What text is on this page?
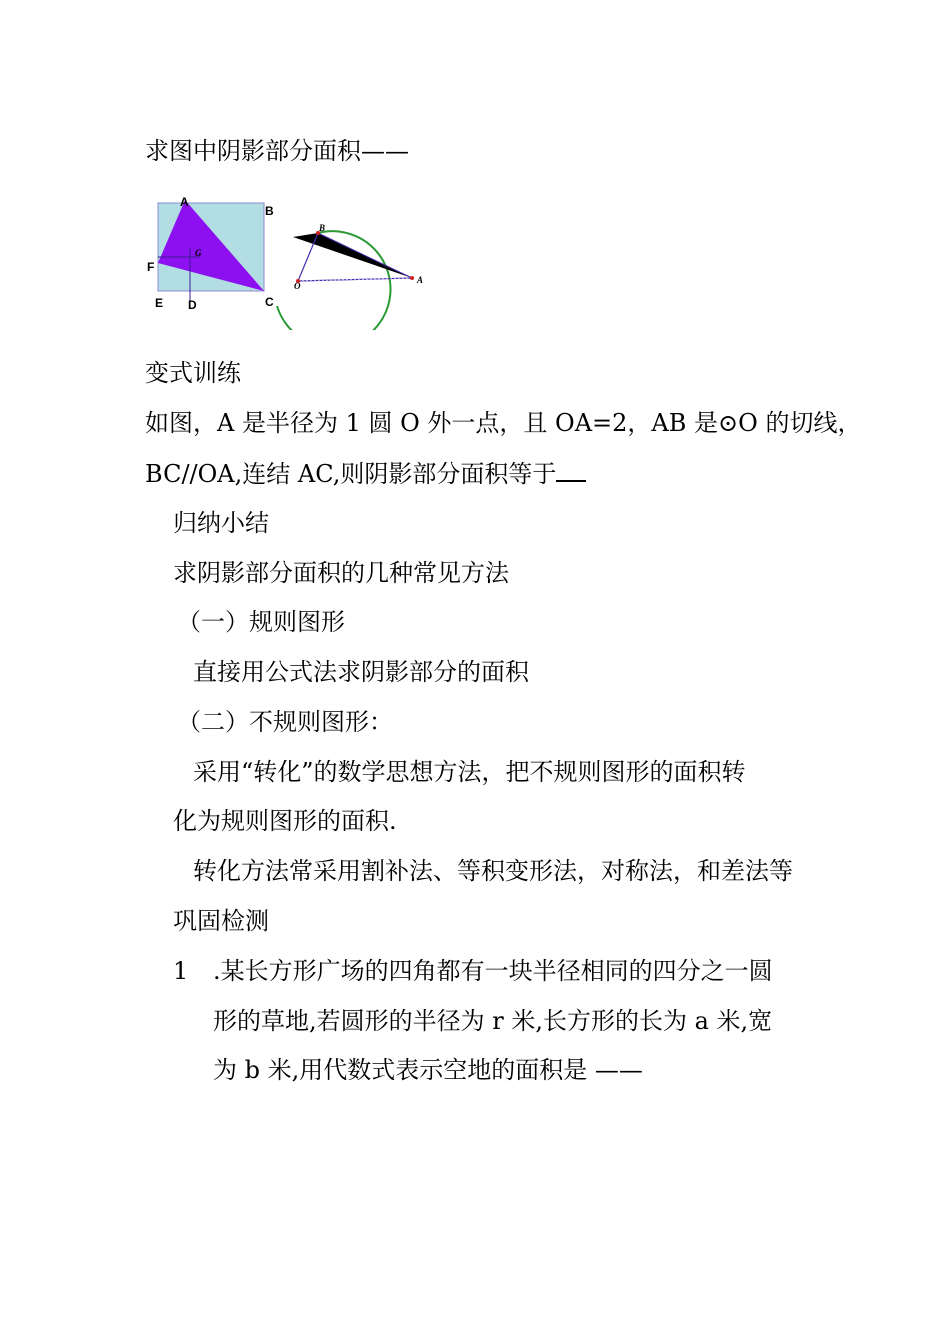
求图中阴影部分面积——
A
B
C
D
E
F
G
B
O
A
变式训练
如图，A 是半径为 1 圆 O 外一点，且 OA=2，AB 是⊙O 的切线，
BC//OA,连结 AC,则阴影部分面积等于
归纳小结
求阴影部分面积的几种常见方法
（一）规则图形
直接用公式法求阴影部分的面积
（二）不规则图形：
采用“转化”的数学思想方法，把不规则图形的面积转
化为规则图形的面积.
转化方法常采用割补法、等积变形法，对称法，和差法等
巩固检测
1 .某长方形广场的四角都有一块半径相同的四分之一圆
形的草地,若圆形的半径为 r 米,长方形的长为 a 米,宽
为 b 米,用代数式表示空地的面积是 ——
